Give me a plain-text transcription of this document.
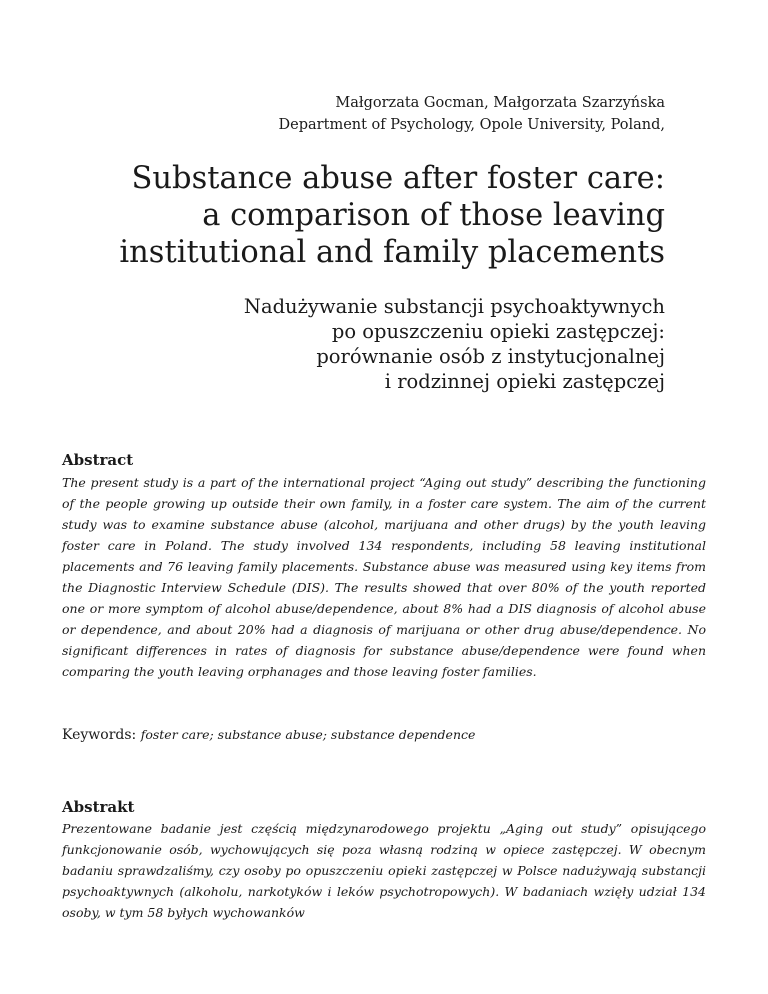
Małgorzata Gocman, Małgorzata Szarzyńska
Department of Psychology, Opole University, Poland,
Substance abuse after foster care:
a comparison of those leaving
institutional and family placements
Nadużywanie substancji psychoaktywnych
po opuszczeniu opieki zastępczej:
porównanie osób z instytucjonalnej
i rodzinnej opieki zastępczej
Abstract

The present study is a part of the international project “Aging out study” describing the functioning of the people growing up outside their own family, in a foster care system. The aim of the current study was to examine substance abuse (alcohol, marijuana and other drugs) by the youth leaving foster care in Poland. The study involved 134 respondents, including 58 leaving institutional placements and 76 leaving family placements. Substance abuse was measured using key items from the Diagnostic Interview Schedule (DIS). The results showed that over 80% of the youth reported one or more symptom of alcohol abuse/dependence, about 8% had a DIS diagnosis of alcohol abuse or dependence, and about 20% had a diagnosis of marijuana or other drug abuse/dependence. No significant differences in rates of diagnosis for substance abuse/dependence were found when comparing the youth leaving orphanages and those leaving foster families.

Keywords: foster care; substance abuse; substance dependence

Abstrakt

Prezentowane badanie jest częścią międzynarodowego projektu „Aging out study” opisującego funkcjonowanie osób, wychowujących się poza własną rodziną w opiece zastępczej. W obecnym badaniu sprawdzaliśmy, czy osoby po opuszczeniu opieki zastępczej w Polsce nadużywają substancji psychoaktywnych (alkoholu, narkotyków i leków psychotropowych). W badaniach wzięły udział 134 osoby, w tym 58 byłych wychowanków
